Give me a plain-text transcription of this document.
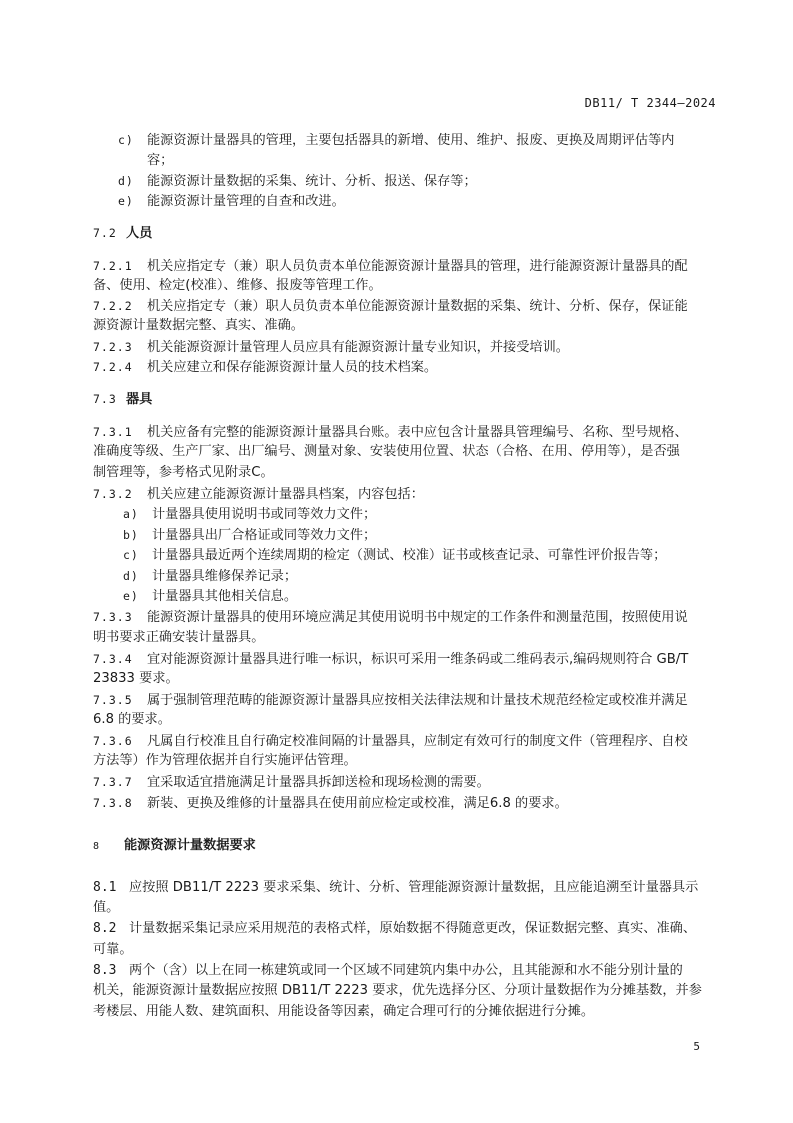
DB11/ T 2344—2024
c) 能源资源计量器具的管理，主要包括器具的新增、使用、维护、报废、更换及周期评估等内
容；
d) 能源资源计量数据的采集、统计、分析、报送、保存等；
e) 能源资源计量管理的自查和改进。
7.2 人员
7.2.1 机关应指定专（兼）职人员负责本单位能源资源计量器具的管理，进行能源资源计量器具的配
备、使用、检定(校准）、维修、报废等管理工作。
7.2.2 机关应指定专（兼）职人员负责本单位能源资源计量数据的采集、统计、分析、保存，保证能
源资源计量数据完整、真实、准确。
7.2.3 机关能源资源计量管理人员应具有能源资源计量专业知识，并接受培训。
7.2.4 机关应建立和保存能源资源计量人员的技术档案。
7.3 器具
7.3.1 机关应备有完整的能源资源计量器具台账。表中应包含计量器具管理编号、名称、型号规格、
准确度等级、生产厂家、出厂编号、测量对象、安装使用位置、状态（合格、在用、停用等），是否强
制管理等，参考格式见附录C。
7.3.2 机关应建立能源资源计量器具档案，内容包括：
a) 计量器具使用说明书或同等效力文件；
b) 计量器具出厂合格证或同等效力文件；
c) 计量器具最近两个连续周期的检定（测试、校准）证书或核查记录、可靠性评价报告等；
d) 计量器具维修保养记录；
e) 计量器具其他相关信息。
7.3.3 能源资源计量器具的使用环境应满足其使用说明书中规定的工作条件和测量范围，按照使用说
明书要求正确安装计量器具。
7.3.4 宜对能源资源计量器具进行唯一标识，标识可采用一维条码或二维码表示,编码规则符合 GB/T
23833 要求。
7.3.5 属于强制管理范畴的能源资源计量器具应按相关法律法规和计量技术规范经检定或校准并满足
6.8 的要求。
7.3.6 凡属自行校准且自行确定校准间隔的计量器具，应制定有效可行的制度文件（管理程序、自校
方法等）作为管理依据并自行实施评估管理。
7.3.7 宜采取适宜措施满足计量器具拆卸送检和现场检测的需要。
7.3.8 新装、更换及维修的计量器具在使用前应检定或校准，满足6.8 的要求。
8 能源资源计量数据要求
8.1 应按照 DB11/T 2223 要求采集、统计、分析、管理能源资源计量数据，且应能追溯至计量器具示
值。
8.2 计量数据采集记录应采用规范的表格式样，原始数据不得随意更改，保证数据完整、真实、准确、
可靠。
8.3 两个（含）以上在同一栋建筑或同一个区域不同建筑内集中办公，且其能源和水不能分别计量的
机关，能源资源计量数据应按照 DB11/T 2223 要求，优先选择分区、分项计量数据作为分摊基数，并参
考楼层、用能人数、建筑面积、用能设备等因素，确定合理可行的分摊依据进行分摊。
5
